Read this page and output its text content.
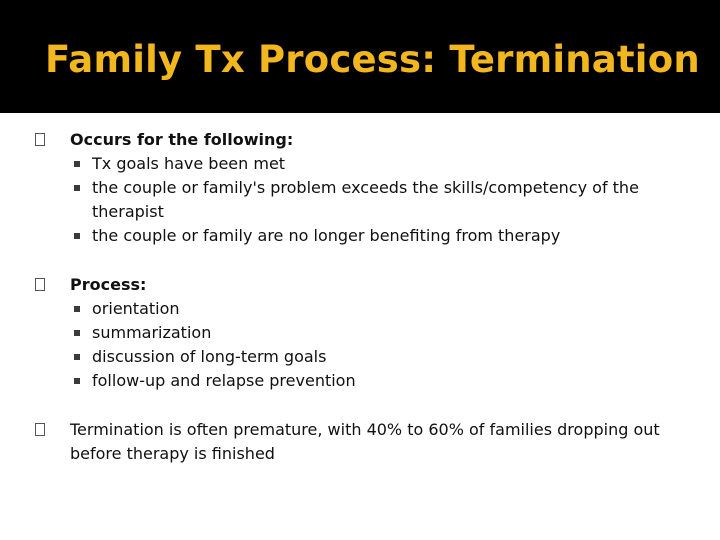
Family Tx Process: Termination
Occurs for the following:
Tx goals have been met
the couple or family's problem exceeds the skills/competency of the therapist
the couple or family are no longer benefiting from therapy
Process:
orientation
summarization
discussion of long-term goals
follow-up and relapse prevention
Termination is often premature, with 40% to 60% of families dropping out before therapy is finished
